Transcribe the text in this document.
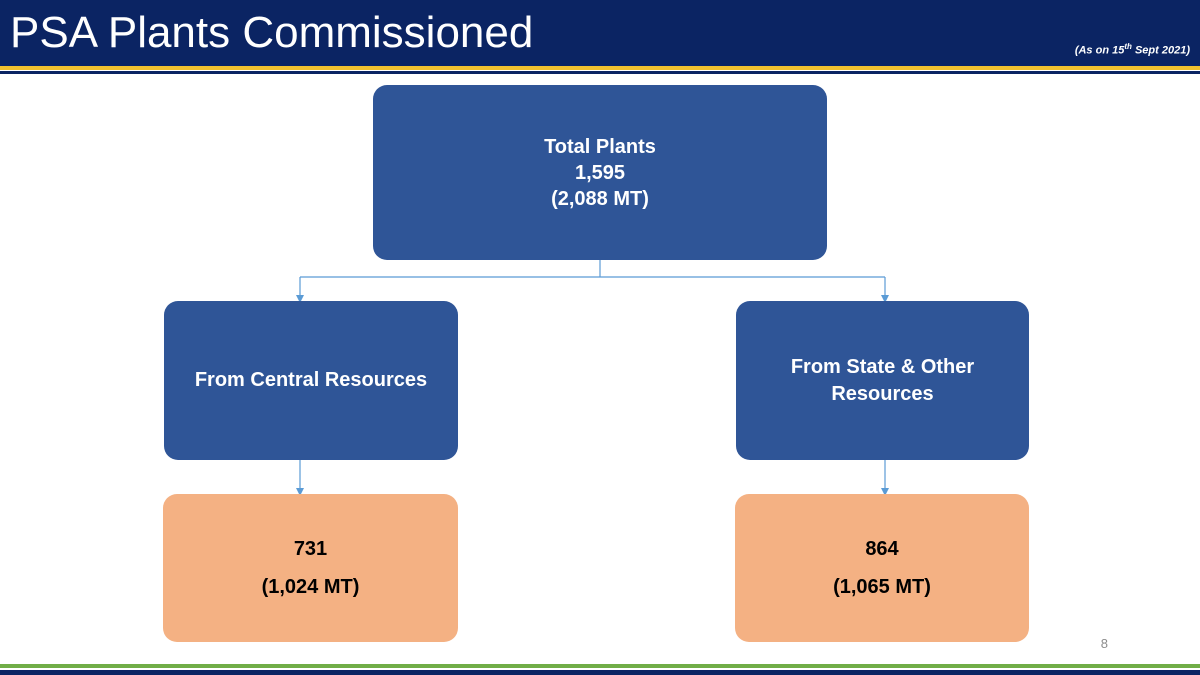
PSA Plants Commissioned	(As on 15th Sept 2021)
Total Plants
1,595
(2,088 MT)
From Central Resources
From State & Other
Resources
731
(1,024 MT)
864
(1,065 MT)
8
